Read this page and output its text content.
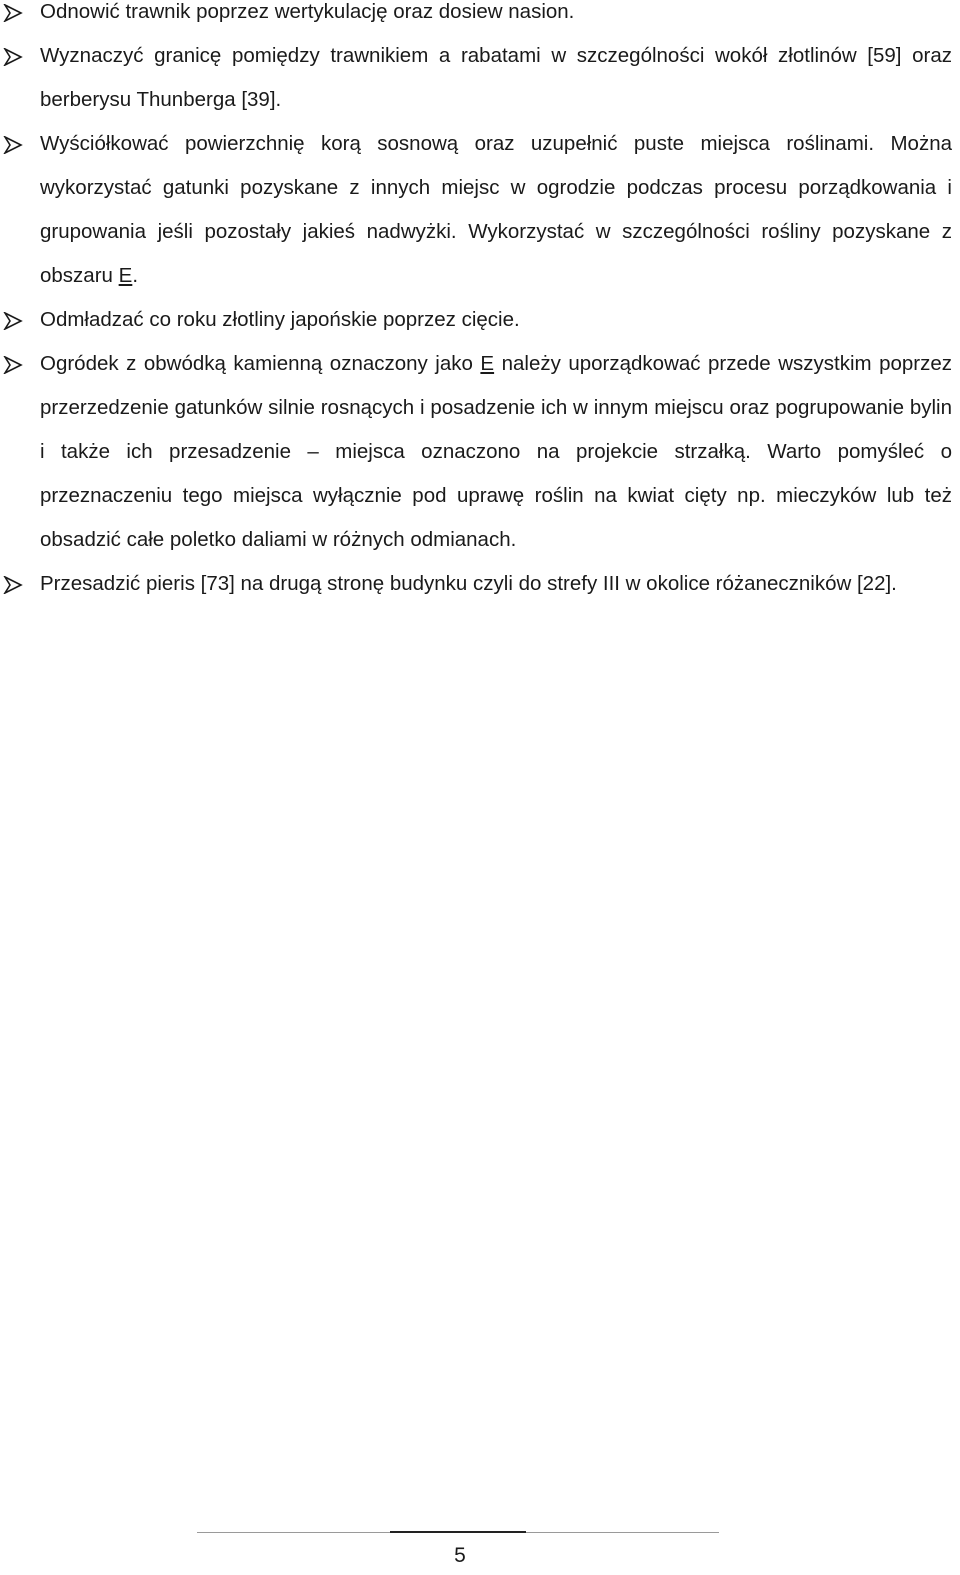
Odnowić trawnik poprzez wertykulację oraz dosiew nasion.
Wyznaczyć granicę pomiędzy trawnikiem a rabatami w szczególności wokół złotlinów [59] oraz berberysu Thunberga [39].
Wyściółkować powierzchnię korą sosnową oraz uzupełnić puste miejsca roślinami. Można wykorzystać gatunki pozyskane z innych miejsc w ogrodzie podczas procesu porządkowania i grupowania jeśli pozostały jakieś nadwyżki. Wykorzystać w szczególności rośliny pozyskane z obszaru E.
Odmładzać co roku złotliny japońskie poprzez cięcie.
Ogródek z obwódką kamienną oznaczony jako E należy uporządkować przede wszystkim poprzez przerzedzenie gatunków silnie rosnących i posadzenie ich w innym miejscu oraz pogrupowanie bylin i także ich przesadzenie – miejsca oznaczono na projekcie strzałką. Warto pomyśleć o przeznaczeniu tego miejsca wyłącznie pod uprawę roślin na kwiat cięty np. mieczyków lub też obsadzić całe poletko daliami w różnych odmianach.
Przesadzić pieris [73] na drugą stronę budynku czyli do strefy III w okolice różaneczników [22].
5
